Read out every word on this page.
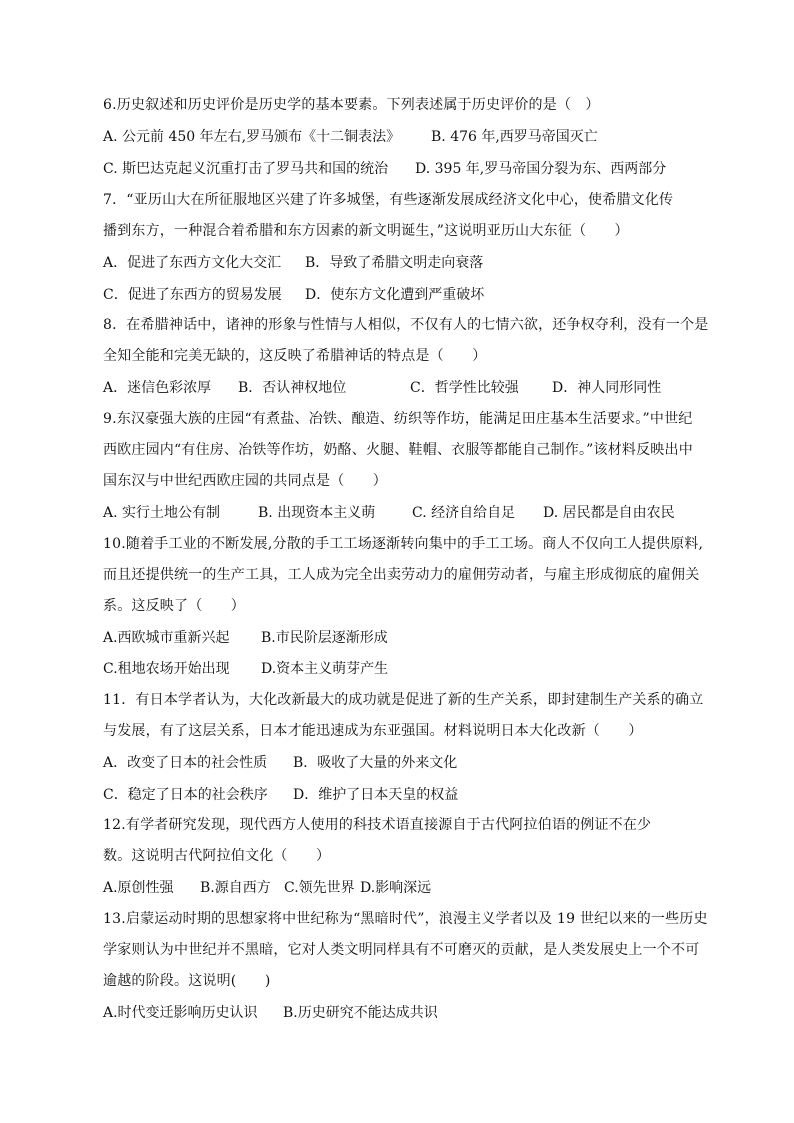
6.历史叙述和历史评价是历史学的基本要素。下列表述属于历史评价的是（　）
A. 公元前 450 年左右,罗马颁布《十二铜表法》 B. 476 年,西罗马帝国灭亡
C. 斯巴达克起义沉重打击了罗马共和国的统治 D. 395 年,罗马帝国分裂为东、西两部分
7．“亚历山大在所征服地区兴建了许多城堡，有些逐渐发展成经济文化中心，使希腊文化传
播到东方，一种混合着希腊和东方因素的新文明诞生，”这说明亚历山大东征（　　）
A．促进了东西方文化大交汇 B．导致了希腊文明走向衰落
C．促进了东西方的贸易发展 D．使东方文化遭到严重破坏
8．在希腊神话中，诸神的形象与性情与人相似，不仅有人的七情六欲，还争权夺利，没有一个是
全知全能和完美无缺的，这反映了希腊神话的特点是（　　）
A．迷信色彩浓厚 B．否认神权地位	C．哲学性比较强 D．神人同形同性
9.东汉豪强大族的庄园“有煮盐、冶铁、酿造、纺织等作坊，能满足田庄基本生活要求。”中世纪
西欧庄园内“有住房、冶铁等作坊，奶酪、火腿、鞋帽、衣服等都能自己制作。”该材料反映出中
国东汉与中世纪西欧庄园的共同点是（　　）
A. 实行土地公有制	B. 出现资本主义萌	C. 经济自给自足 D. 居民都是自由农民
10.随着手工业的不断发展,分散的手工工场逐渐转向集中的手工工场。商人不仅向工人提供原料,
而且还提供统一的生产工具，工人成为完全出卖劳动力的雇佣劳动者，与雇主形成彻底的雇佣关
系。这反映了（　　）
A.西欧城市重新兴起 B.市民阶层逐渐形成
C.租地农场开始出现 D.资本主义萌芽产生
11．有日本学者认为，大化改新最大的成功就是促进了新的生产关系，即封建制生产关系的确立
与发展，有了这层关系，日本才能迅速成为东亚强国。材料说明日本大化改新（　　）
A．改变了日本的社会性质 B．吸收了大量的外来文化
C．稳定了日本的社会秩序 D．维护了日本天皇的权益
12.有学者研究发现，现代西方人使用的科技术语直接源自于古代阿拉伯语的例证不在少
数。这说明古代阿拉伯文化（　　）
A.原创性强 B.源自西方 C.领先世界 D.影响深远
13.启蒙运动时期的思想家将中世纪称为“黑暗时代”，浪漫主义学者以及 19 世纪以来的一些历史
学家则认为中世纪并不黑暗，它对人类文明同样具有不可磨灭的贡献，是人类发展史上一个不可
逾越的阶段。这说明(　　)
A.时代变迁影响历史认识 B.历史研究不能达成共识
